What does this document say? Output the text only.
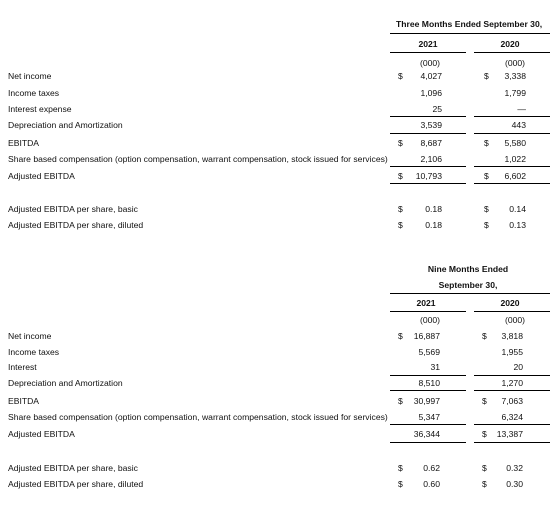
Three Months Ended September 30,
2021	2020
(000)	(000)
Net income	$	4,027	$	3,338
Income taxes	1,096	1,799
Interest expense	25	—
Depreciation and Amortization	3,539	443
EBITDA	$	8,687	$	5,580
Share based compensation (option compensation, warrant compensation, stock issued for services)	2,106	1,022
Adjusted EBITDA	$	10,793	$	6,602
Adjusted EBITDA per share, basic	$	0.18	$	0.14
Adjusted EBITDA per share, diluted	$	0.18	$	0.13
Nine Months Ended
September 30,
2021	2020
(000)	(000)
Net income	$	16,887	$	3,818
Income taxes	5,569	1,955
Interest	31	20
Depreciation and Amortization	8,510	1,270
EBITDA	$	30,997	$	7,063
Share based compensation (option compensation, warrant compensation, stock issued for services)	5,347	6,324
Adjusted EBITDA	36,344	$	13,387
Adjusted EBITDA per share, basic	$	0.62	$	0.32
Adjusted EBITDA per share, diluted	$	0.60	$	0.30
